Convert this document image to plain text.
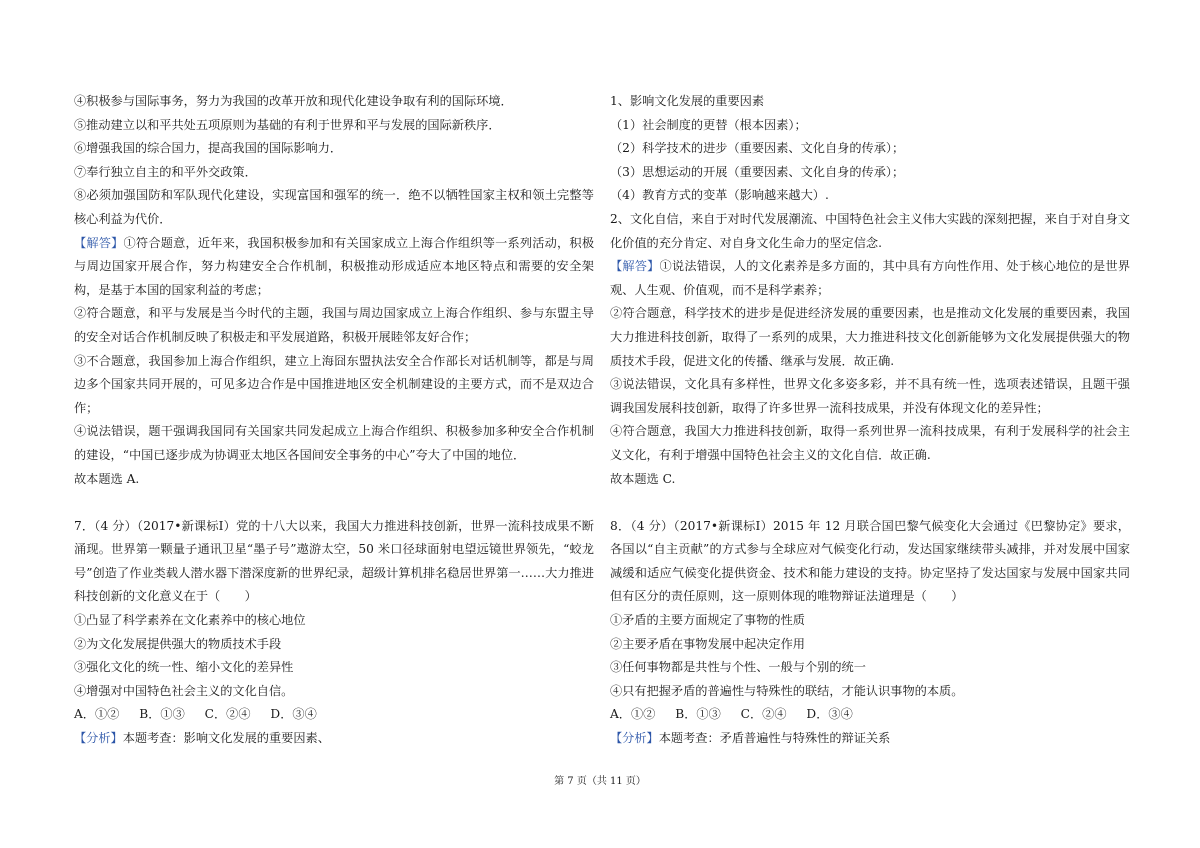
④积极参与国际事务，努力为我国的改革开放和现代化建设争取有利的国际环境．

⑤推动建立以和平共处五项原则为基础的有利于世界和平与发展的国际新秩序．

⑥增强我国的综合国力，提高我国的国际影响力．

⑦奉行独立自主的和平外交政策．

⑧必须加强国防和军队现代化建设，实现富国和强军的统一．绝不以牺牲国家主权和领土完整等核心利益为代价．

【解答】①符合题意，近年来，我国积极参加和有关国家成立上海合作组织等一系列活动，积极与周边国家开展合作，努力构建安全合作机制，积极推动形成适应本地区特点和需要的安全架构，是基于本国的国家利益的考虑；

②符合题意，和平与发展是当今时代的主题，我国与周边国家成立上海合作组织、参与东盟主导的安全对话合作机制反映了积极走和平发展道路，积极开展睦邻友好合作；

③不合题意，我国参加上海合作组织，建立上海囧东盟执法安全合作部长对话机制等，都是与周边多个国家共同开展的，可见多边合作是中国推进地区安全机制建设的主要方式，而不是双边合作；

④说法错误，题干强调我国同有关国家共同发起成立上海合作组织、积极参加多种安全合作机制的建设，“中国已逐步成为协调亚太地区各国间安全事务的中心”夸大了中国的地位．

故本题选 A.

7．（4 分）（2017•新课标Ⅰ）党的十八大以来，我国大力推进科技创新，世界一流科技成果不断涌现。世界第一颗量子通讯卫星“墨子号”遨游太空，50 米口径球面射电望远镜世界领先，“蛟龙号”创造了作业类载人潜水器下潜深度新的世界纪录，超级计算机排名稳居世界第一……大力推进科技创新的文化意义在于（　　）

①凸显了科学素养在文化素养中的核心地位

②为文化发展提供强大的物质技术手段

③强化文化的统一性、缩小文化的差异性

④增强对中国特色社会主义的文化自信。

A．①② B．①③ C．②④ D．③④

【分析】本题考查：影响文化发展的重要因素、

1、影响文化发展的重要因素

（1）社会制度的更替（根本因素）；

（2）科学技术的进步（重要因素、文化自身的传承）；

（3）思想运动的开展（重要因素、文化自身的传承）；

（4）教育方式的变革（影响越来越大）.

2、文化自信，来自于对时代发展潮流、中国特色社会主义伟大实践的深刻把握，来自于对自身文化价值的充分肯定、对自身文化生命力的坚定信念.

【解答】①说法错误，人的文化素养是多方面的，其中具有方向性作用、处于核心地位的是世界观、人生观、价值观，而不是科学素养；

②符合题意，科学技术的进步是促进经济发展的重要因素，也是推动文化发展的重要因素，我国大力推进科技创新，取得了一系列的成果，大力推进科技文化创新能够为文化发展提供强大的物质技术手段，促进文化的传播、继承与发展．故正确.

③说法错误，文化具有多样性，世界文化多姿多彩，并不具有统一性，选项表述错误，且题干强调我国发展科技创新，取得了许多世界一流科技成果，并没有体现文化的差异性；

④符合题意，我国大力推进科技创新，取得一系列世界一流科技成果，有利于发展科学的社会主义文化，有利于增强中国特色社会主义的文化自信．故正确.

故本题选 C.

8．（4 分）（2017•新课标Ⅰ）2015 年 12 月联合国巴黎气候变化大会通过《巴黎协定》要求，各国以“自主贡献”的方式参与全球应对气候变化行动，发达国家继续带头减排，并对发展中国家减缓和适应气候变化提供资金、技术和能力建设的支持。协定坚持了发达国家与发展中国家共同但有区分的责任原则，这一原则体现的唯物辩证法道理是（　　）

①矛盾的主要方面规定了事物的性质

②主要矛盾在事物发展中起决定作用

③任何事物都是共性与个性、一般与个别的统一

④只有把握矛盾的普遍性与特殊性的联结，才能认识事物的本质。

A．①② B．①③ C．②④ D．③④

【分析】本题考查：矛盾普遍性与特殊性的辩证关系

第 7 页（共 11 页）
